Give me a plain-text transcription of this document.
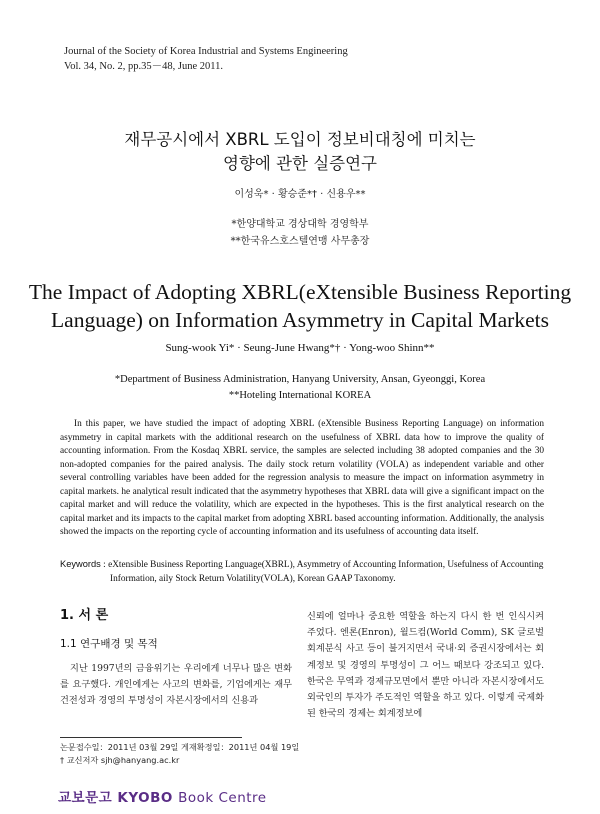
Journal of the Society of Korea Industrial and Systems Engineering
Vol. 34, No. 2, pp.35－48, June 2011.
재무공시에서 XBRL 도입이 정보비대칭에 미치는
영향에 관한 실증연구
이성욱* · 황승준*† · 신용우**
*한양대학교 경상대학 경영학부
**한국유스호스텔연맹 사무총장
The Impact of Adopting XBRL(eXtensible Business Reporting
Language) on Information Asymmetry in Capital Markets
Sung-wook Yi* · Seung-June Hwang*† · Yong-woo Shinn**
*Department of Business Administration, Hanyang University, Ansan, Gyeonggi, Korea
**Hoteling International KOREA
In this paper, we have studied the impact of adopting XBRL (eXtensible Business Reporting Language) on information asymmetry in capital markets with the additional research on the usefulness of XBRL data how to improve the quality of accounting information. From the Kosdaq XBRL service, the samples are selected including 38 adopted companies and the 30 non-adopted companies for the paired analysis. The daily stock return volatility (VOLA) as independent variable and other several controlling variables have been added for the regression analysis to measure the impact on information asymmetry in capital markets. he analytical result indicated that the asymmetry hypotheses that XBRL data will give a significant impact on the capital market and will reduce the volatility, which are expected in the hypotheses. This is the first analytical research on the capital market and its impacts to the capital market from adopting XBRL based accounting information. Additionally, the analysis showed the impacts on the reporting cycle of accounting information and its usefulness of accounting data itself.
Keywords : eXtensible Business Reporting Language(XBRL), Asymmetry of Accounting Information, Usefulness of Accounting
Information, aily Stock Return Volatility(VOLA), Korean GAAP Taxonomy.
1. 서 론
1.1 연구배경 및 목적
지난 1997년의 금융위기는 우리에게 너무나 많은 변화를 요구했다. 개인에게는 사고의 변화를, 기업에게는 재무건전성과 경영의 투명성이 자본시장에서의 신용과
신뢰에 얼마나 중요한 역할을 하는지 다시 한 번 인식시켜 주었다. 엔론(Enron), 월드컴(World Comm), SK 글로벌 회계분식 사고 등이 불거지면서 국내·외 증권시장에서는 회계정보 및 경영의 투명성이 그 어느 때보다 강조되고 있다. 한국은 무역과 경제규모면에서 뿐만 아니라 자본시장에서도 외국인의 투자가 주도적인 역할을 하고 있다. 이렇게 국제화된 한국의 경제는 회계정보에
논문접수일：2011년 03월 29일 게재확정일：2011년 04월 19일
† 교신저자 sjh@hanyang.ac.kr
교보문고 KYOBO Book Centre
